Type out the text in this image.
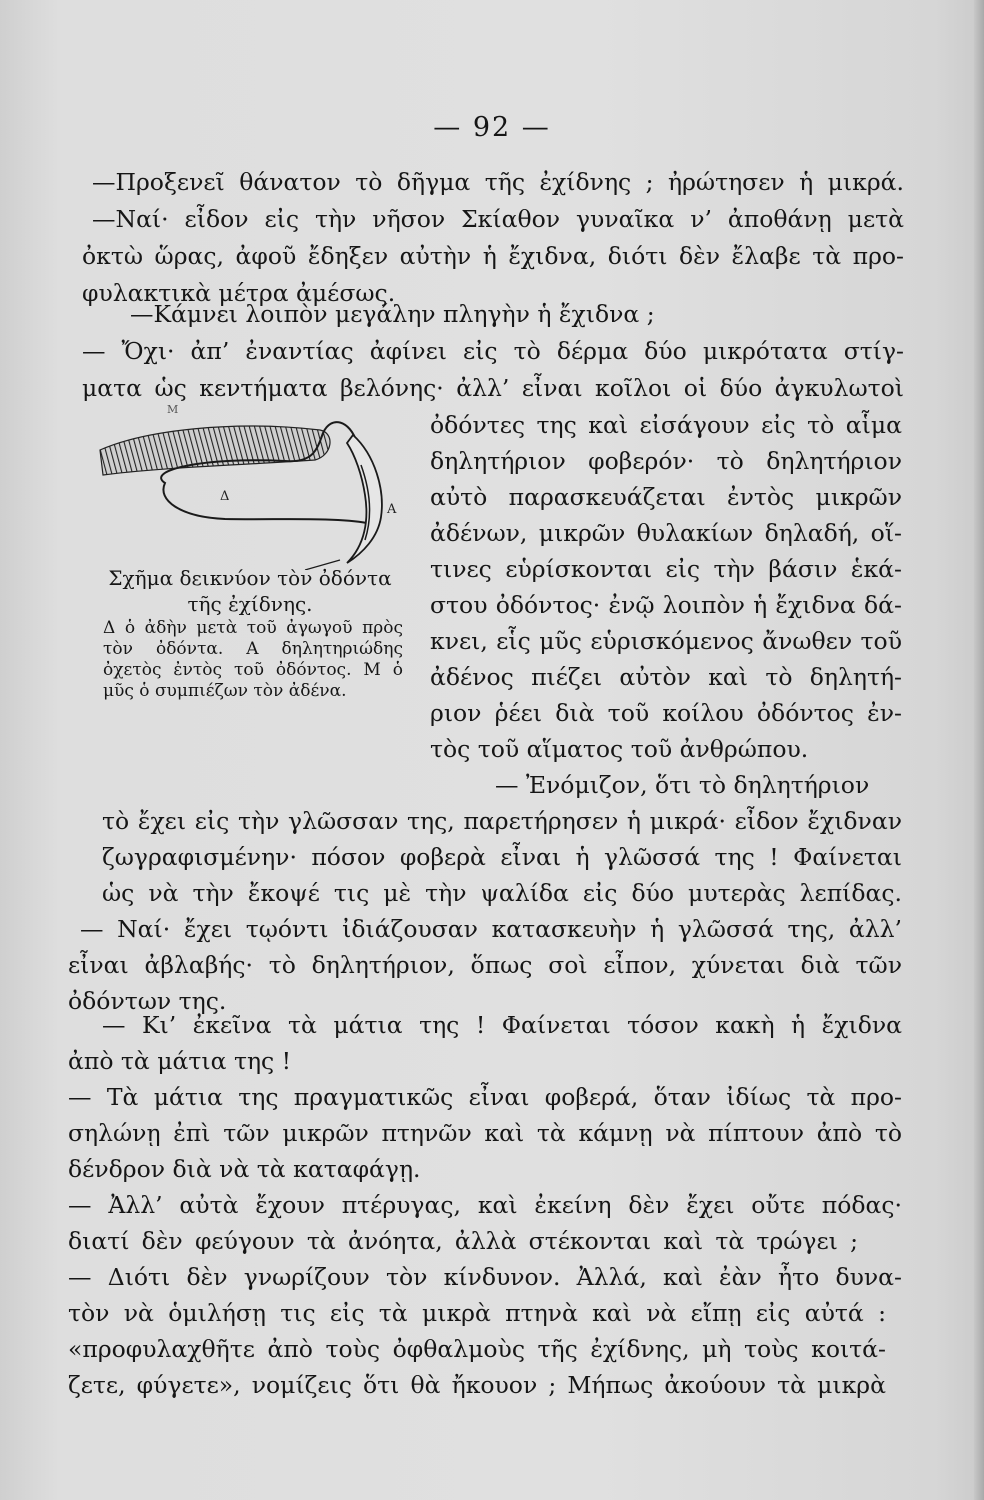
— 92 —
—Προξενεῖ θάνατον τὸ δῆγμα τῆς ἐχίδνης ; ἠρώτησεν ἡ μικρά.
—Ναί· εἶδον εἰς τὴν νῆσον Σκίαθον γυναῖκα ν’ ἀποθάνῃ μετὰ
ὀκτὼ ὥρας, ἀφοῦ ἔδηξεν αὐτὴν ἡ ἔχιδνα, διότι δὲν ἔλαβε τὰ προ-
φυλακτικὰ μέτρα ἀμέσως.
—Κάμνει λοιπὸν μεγάλην πληγὴν ἡ ἔχιδνα ;
— Ὄχι· ἀπ’ ἐναντίας ἀφίνει εἰς τὸ δέρμα δύο μικρότατα στίγ-
ματα ὡς κεντήματα βελόνης· ἀλλ’ εἶναι κοῖλοι οἱ δύο ἀγκυλωτοὶ
Δ
Α
Μ
Σχῆμα δεικνύον τὸν ὀδόντα τῆς ἐχίδνης.
Δ ὁ ἀδὴν μετὰ τοῦ ἀγωγοῦ πρὸς τὸν ὀδόντα. Α δηλητηριώδης ὀχετὸς ἐντὸς τοῦ ὀδόντος. Μ ὁ μῦς ὁ συμπιέζων τὸν ἀδένα.
ὀδόντες της καὶ εἰσάγουν εἰς τὸ αἷμα
δηλητήριον φοβερόν· τὸ δηλητήριον
αὐτὸ παρασκευάζεται ἐντὸς μικρῶν
ἀδένων, μικρῶν θυλακίων δηλαδή, οἵ-
τινες εὑρίσκονται εἰς τὴν βάσιν ἑκά-
στου ὀδόντος· ἐνῷ λοιπὸν ἡ ἔχιδνα δά-
κνει, εἷς μῦς εὑρισκόμενος ἄνωθεν τοῦ
ἀδένος πιέζει αὐτὸν καὶ τὸ δηλητή-
ριον ῥέει διὰ τοῦ κοίλου ὀδόντος ἐν-
τὸς τοῦ αἵματος τοῦ ἀνθρώπου.
— Ἐνόμιζον, ὅτι τὸ δηλητήριον
τὸ ἔχει εἰς τὴν γλῶσσαν της, παρετήρησεν ἡ μικρά· εἶδον ἔχιδναν
ζωγραφισμένην· πόσον φοβερὰ εἶναι ἡ γλῶσσά της ! Φαίνεται
ὡς νὰ τὴν ἔκοψέ τις μὲ τὴν ψαλίδα εἰς δύο μυτερὰς λεπίδας.
— Ναί· ἔχει τῳόντι ἰδιάζουσαν κατασκευὴν ἡ γλῶσσά της, ἀλλ’
εἶναι ἀβλαβής· τὸ δηλητήριον, ὅπως σοὶ εἶπον, χύνεται διὰ τῶν
ὀδόντων της.
— Κι’ ἐκεῖνα τὰ μάτια της ! Φαίνεται τόσον κακὴ ἡ ἔχιδνα
ἀπὸ τὰ μάτια της !
— Τὰ μάτια της πραγματικῶς εἶναι φοβερά, ὅταν ἰδίως τὰ προ-
σηλώνῃ ἐπὶ τῶν μικρῶν πτηνῶν καὶ τὰ κάμνῃ νὰ πίπτουν ἀπὸ τὸ
δένδρον διὰ νὰ τὰ καταφάγῃ.
— Ἀλλ’ αὐτὰ ἔχουν πτέρυγας, καὶ ἐκείνη δὲν ἔχει οὔτε πόδας·
διατί δὲν φεύγουν τὰ ἀνόητα, ἀλλὰ στέκονται καὶ τὰ τρώγει ;
— Διότι δὲν γνωρίζουν τὸν κίνδυνον. Ἀλλά, καὶ ἐὰν ἦτο δυνα-
τὸν νὰ ὁμιλήσῃ τις εἰς τὰ μικρὰ πτηνὰ καὶ νὰ εἴπῃ εἰς αὐτά :
«προφυλαχθῆτε ἀπὸ τοὺς ὀφθαλμοὺς τῆς ἐχίδνης, μὴ τοὺς κοιτά-
ζετε, φύγετε», νομίζεις ὅτι θὰ ἤκουον ; Μήπως ἀκούουν τὰ μικρὰ
